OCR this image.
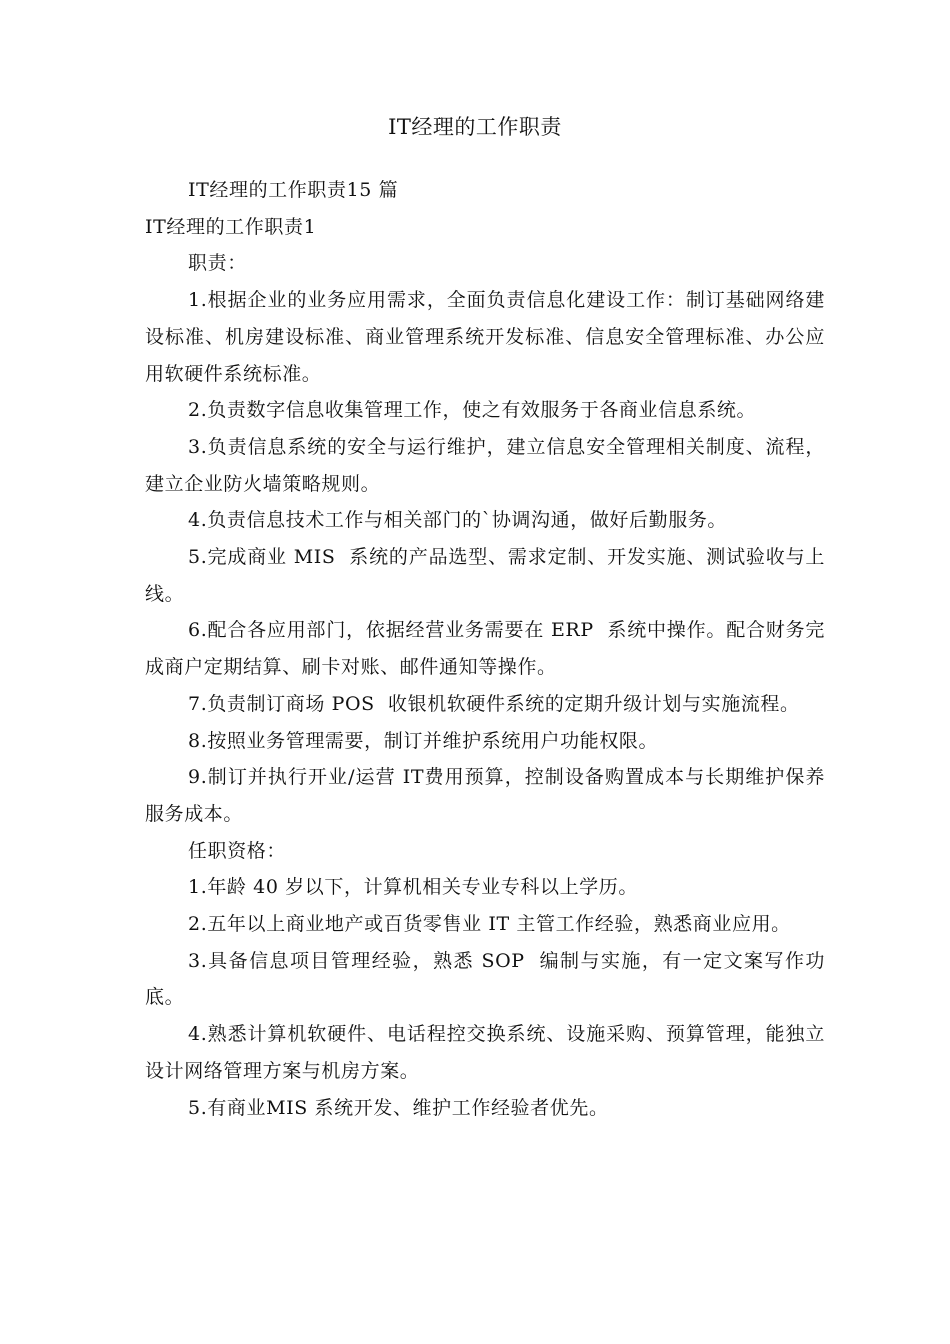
IT经理的工作职责

IT经理的工作职责15 篇

IT经理的工作职责1

职责：

1.根据企业的业务应用需求，全面负责信息化建设工作：制订基础网络建设标准、机房建设标准、商业管理系统开发标准、信息安全管理标准、办公应用软硬件系统标准。

2.负责数字信息收集管理工作，使之有效服务于各商业信息系统。

3.负责信息系统的安全与运行维护，建立信息安全管理相关制度、流程，建立企业防火墙策略规则。

4.负责信息技术工作与相关部门的`协调沟通，做好后勤服务。

5.完成商业 MIS  系统的产品选型、需求定制、开发实施、测试验收与上线。

6.配合各应用部门，依据经营业务需要在 ERP  系统中操作。配合财务完成商户定期结算、刷卡对账、邮件通知等操作。

7.负责制订商场 POS  收银机软硬件系统的定期升级计划与实施流程。

8.按照业务管理需要，制订并维护系统用户功能权限。

9.制订并执行开业/运营 IT费用预算，控制设备购置成本与长期维护保养服务成本。

任职资格：

1.年龄 40 岁以下，计算机相关专业专科以上学历。

2.五年以上商业地产或百货零售业 IT 主管工作经验，熟悉商业应用。

3.具备信息项目管理经验，熟悉 SOP  编制与实施，有一定文案写作功底。

4.熟悉计算机软硬件、电话程控交换系统、设施采购、预算管理，能独立设计网络管理方案与机房方案。

5.有商业MIS 系统开发、维护工作经验者优先。
